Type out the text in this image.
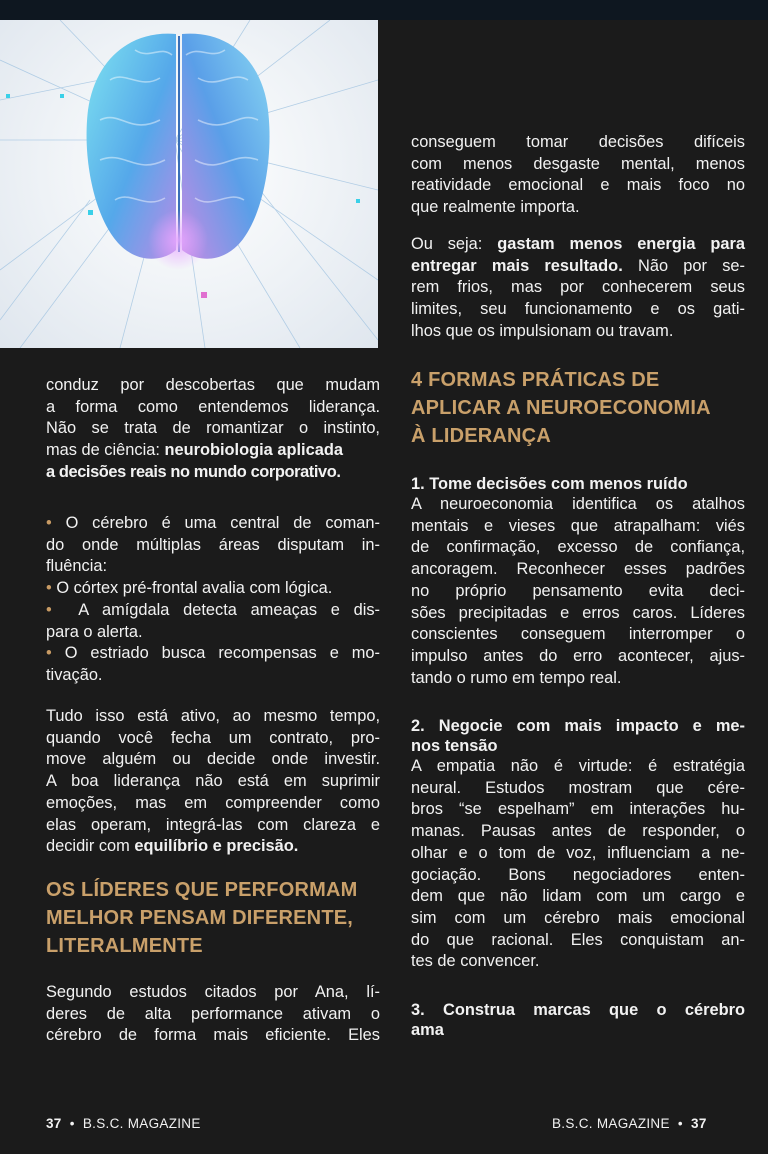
conduz por descobertas que mudam

a forma como entendemos liderança.

Não se trata de romantizar o instinto,

mas de ciência: neurobiologia aplicada

a decisões reais no mundo corporativo.

• O cérebro é uma central de coman-

do onde múltiplas áreas disputam in-

fluência:

• O córtex pré-frontal avalia com lógica.

• A amígdala detecta ameaças e dis-

para o alerta.

• O estriado busca recompensas e mo-

tivação.

Tudo isso está ativo, ao mesmo tempo,

quando você fecha um contrato, pro-

move alguém ou decide onde investir.

A boa liderança não está em suprimir

emoções, mas em compreender como

elas operam, integrá-las com clareza e

decidir com equilíbrio e precisão.

OS LÍDERES QUE PERFORMAM

MELHOR PENSAM DIFERENTE,

LITERALMENTE

Segundo estudos citados por Ana, lí-

deres de alta performance ativam o

cérebro de forma mais eficiente. Eles

conseguem tomar decisões difíceis

com menos desgaste mental, menos

reatividade emocional e mais foco no

que realmente importa.

Ou seja: gastam menos energia para

entregar mais resultado. Não por se-

rem frios, mas por conhecerem seus

limites, seu funcionamento e os gati-

lhos que os impulsionam ou travam.

4 FORMAS PRÁTICAS DE

APLICAR A NEUROECONOMIA

À LIDERANÇA

1. Tome decisões com menos ruído

A neuroeconomia identifica os atalhos

mentais e vieses que atrapalham: viés

de confirmação, excesso de confiança,

ancoragem. Reconhecer esses padrões

no próprio pensamento evita deci-

sões precipitadas e erros caros. Líderes

conscientes conseguem interromper o

impulso antes do erro acontecer, ajus-

tando o rumo em tempo real.

2. Negocie com mais impacto e me-

nos tensão

A empatia não é virtude: é estratégia

neural. Estudos mostram que cére-

bros “se espelham” em interações hu-

manas. Pausas antes de responder, o

olhar e o tom de voz, influenciam a ne-

gociação. Bons negociadores enten-

dem que não lidam com um cargo e

sim com um cérebro mais emocional

do que racional. Eles conquistam an-

tes de convencer.

3. Construa marcas que o cérebro

ama

37 • B.S.C. MAGAZINE	B.S.C. MAGAZINE • 37
